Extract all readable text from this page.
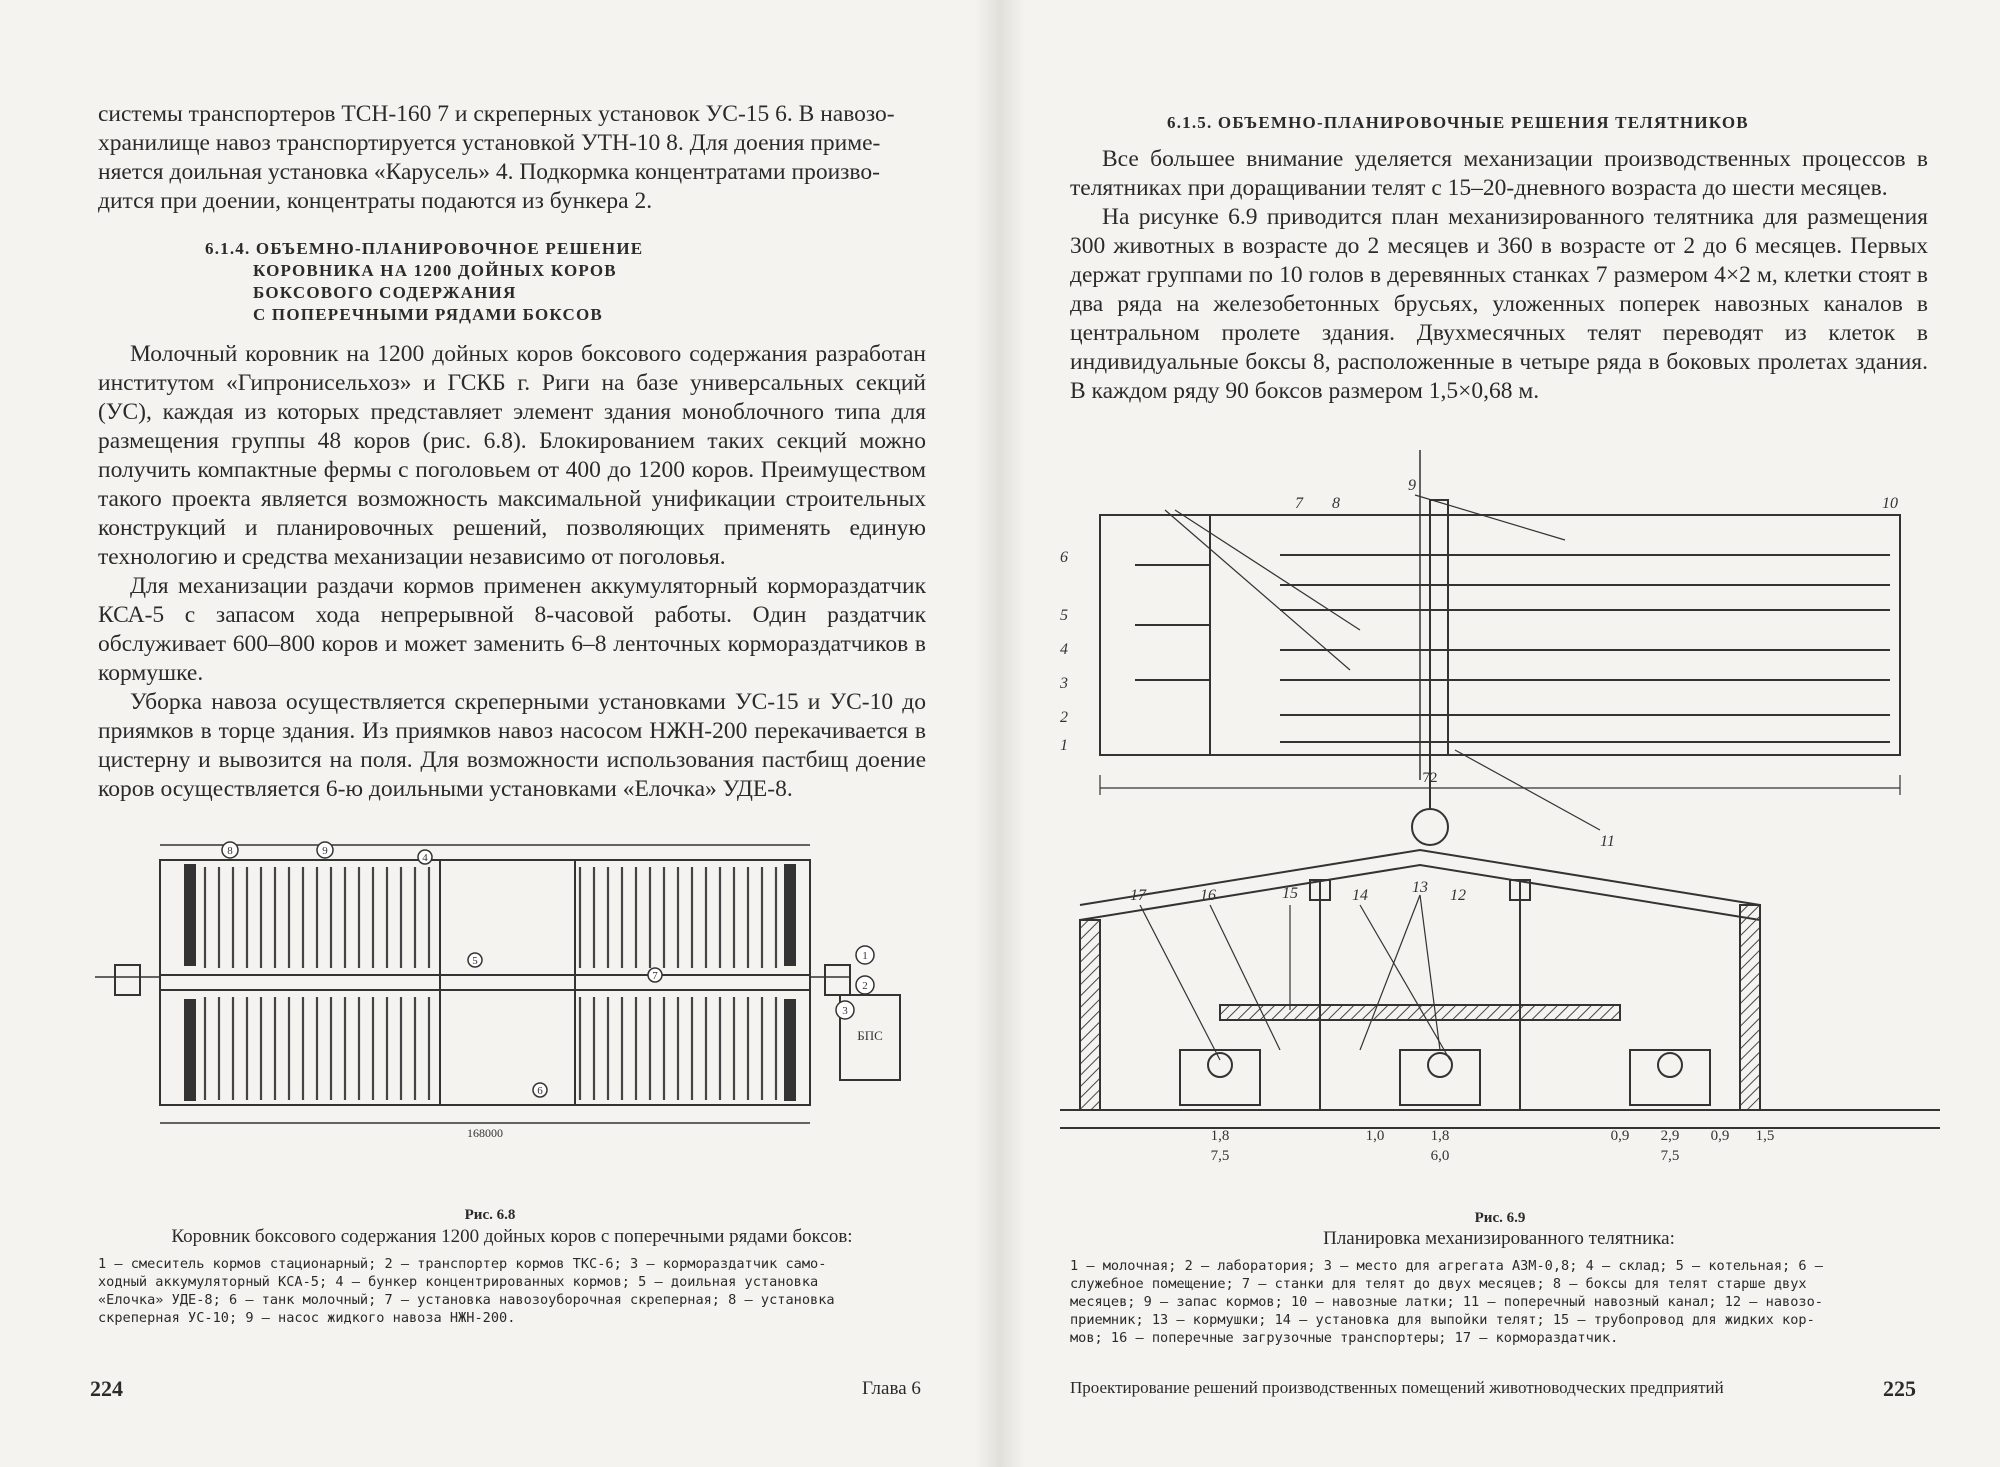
системы транспортеров ТСН-160 7 и скреперных установок УС-15 6. В навозо-
хранилище навоз транспортируется установкой УТН-10 8. Для доения приме-
няется доильная установка «Карусель» 4. Подкормка концентратами произво-
дится при доении, концентраты подаются из бункера 2.
6.1.4. ОБЪЕМНО-ПЛАНИРОВОЧНОЕ РЕШЕНИЕ
КОРОВНИКА НА 1200 ДОЙНЫХ КОРОВ
БОКСОВОГО СОДЕРЖАНИЯ
С ПОПЕРЕЧНЫМИ РЯДАМИ БОКСОВ

Молочный коровник на 1200 дойных коров боксового содержания разработан институтом «Гипронисельхоз» и ГСКБ г. Риги на базе универсальных секций (УС), каждая из которых представляет элемент здания моноблочного типа для размещения группы 48 коров (рис. 6.8). Блокированием таких секций можно получить компактные фермы с поголовьем от 400 до 1200 коров. Преимуществом такого проекта является возможность максимальной унификации строительных конструкций и планировочных решений, позволяющих применять единую технологию и средства механизации независимо от поголовья.

Для механизации раздачи кормов применен аккумуляторный кормораздатчик КСА-5 с запасом хода непрерывной 8-часовой работы. Один раздатчик обслуживает 600–800 коров и может заменить 6–8 ленточных кормораздатчиков в кормушке.

Уборка навоза осуществляется скреперными установками УС-15 и УС-10 до приямков в торце здания. Из приямков навоз насосом НЖН-200 перекачивается в цистерну и вывозится на поля. Для возможности использования пастбищ доение коров осуществляется 6-ю доильными установками «Елочка» УДЕ-8.

8	9
5
6
1
2
3
4
7
БПС
168000
Рис. 6.8
Коровник боксового содержания 1200 дойных коров с поперечными рядами боксов:
1 — смеситель кормов стационарный; 2 — транспортер кормов ТКС-6; 3 — кормораздатчик само-
ходный аккумуляторный КСА-5; 4 — бункер концентрированных кормов; 5 — доильная установка
«Елочка» УДЕ-8; 6 — танк молочный; 7 — установка навозоуборочная скреперная; 8 — установка
скреперная УС-10; 9 — насос жидкого навоза НЖН-200.
224	Глава 6
6.1.5. ОБЪЕМНО-ПЛАНИРОВОЧНЫЕ РЕШЕНИЯ ТЕЛЯТНИКОВ

Все большее внимание уделяется механизации производственных процессов в телятниках при доращивании телят с 15–20-дневного возраста до шести месяцев.

На рисунке 6.9 приводится план механизированного телятника для размещения 300 животных в возрасте до 2 месяцев и 360 в возрасте от 2 до 6 месяцев. Первых держат группами по 10 голов в деревянных станках 7 размером 4×2 м, клетки стоят в два ряда на железобетонных брусьях, уложенных поперек навозных каналов в центральном пролете здания. Двухмесячных телят переводят из клеток в индивидуальные боксы 8, расположенные в четыре ряда в боковых пролетах здания. В каждом ряду 90 боксов размером 1,5×0,68 м.

1
2
3
4
5
6
7 8
9
10
11
72
17	16	15	14	13 12
1,8	1,0	1,8	0,9 2,9 0,9 1,5
7,5	6,0	7,5
Рис. 6.9
Планировка механизированного телятника:
1 — молочная; 2 — лаборатория; 3 — место для агрегата АЗМ-0,8; 4 — склад; 5 — котельная; 6 —
служебное помещение; 7 — станки для телят до двух месяцев; 8 — боксы для телят старше двух
месяцев; 9 — запас кормов; 10 — навозные латки; 11 — поперечный навозный канал; 12 — навозо-
приемник; 13 — кормушки; 14 — установка для выпойки телят; 15 — трубопровод для жидких кор-
мов; 16 — поперечные загрузочные транспортеры; 17 — кормораздатчик.
Проектирование решений производственных помещений животноводческих предприятий	225
